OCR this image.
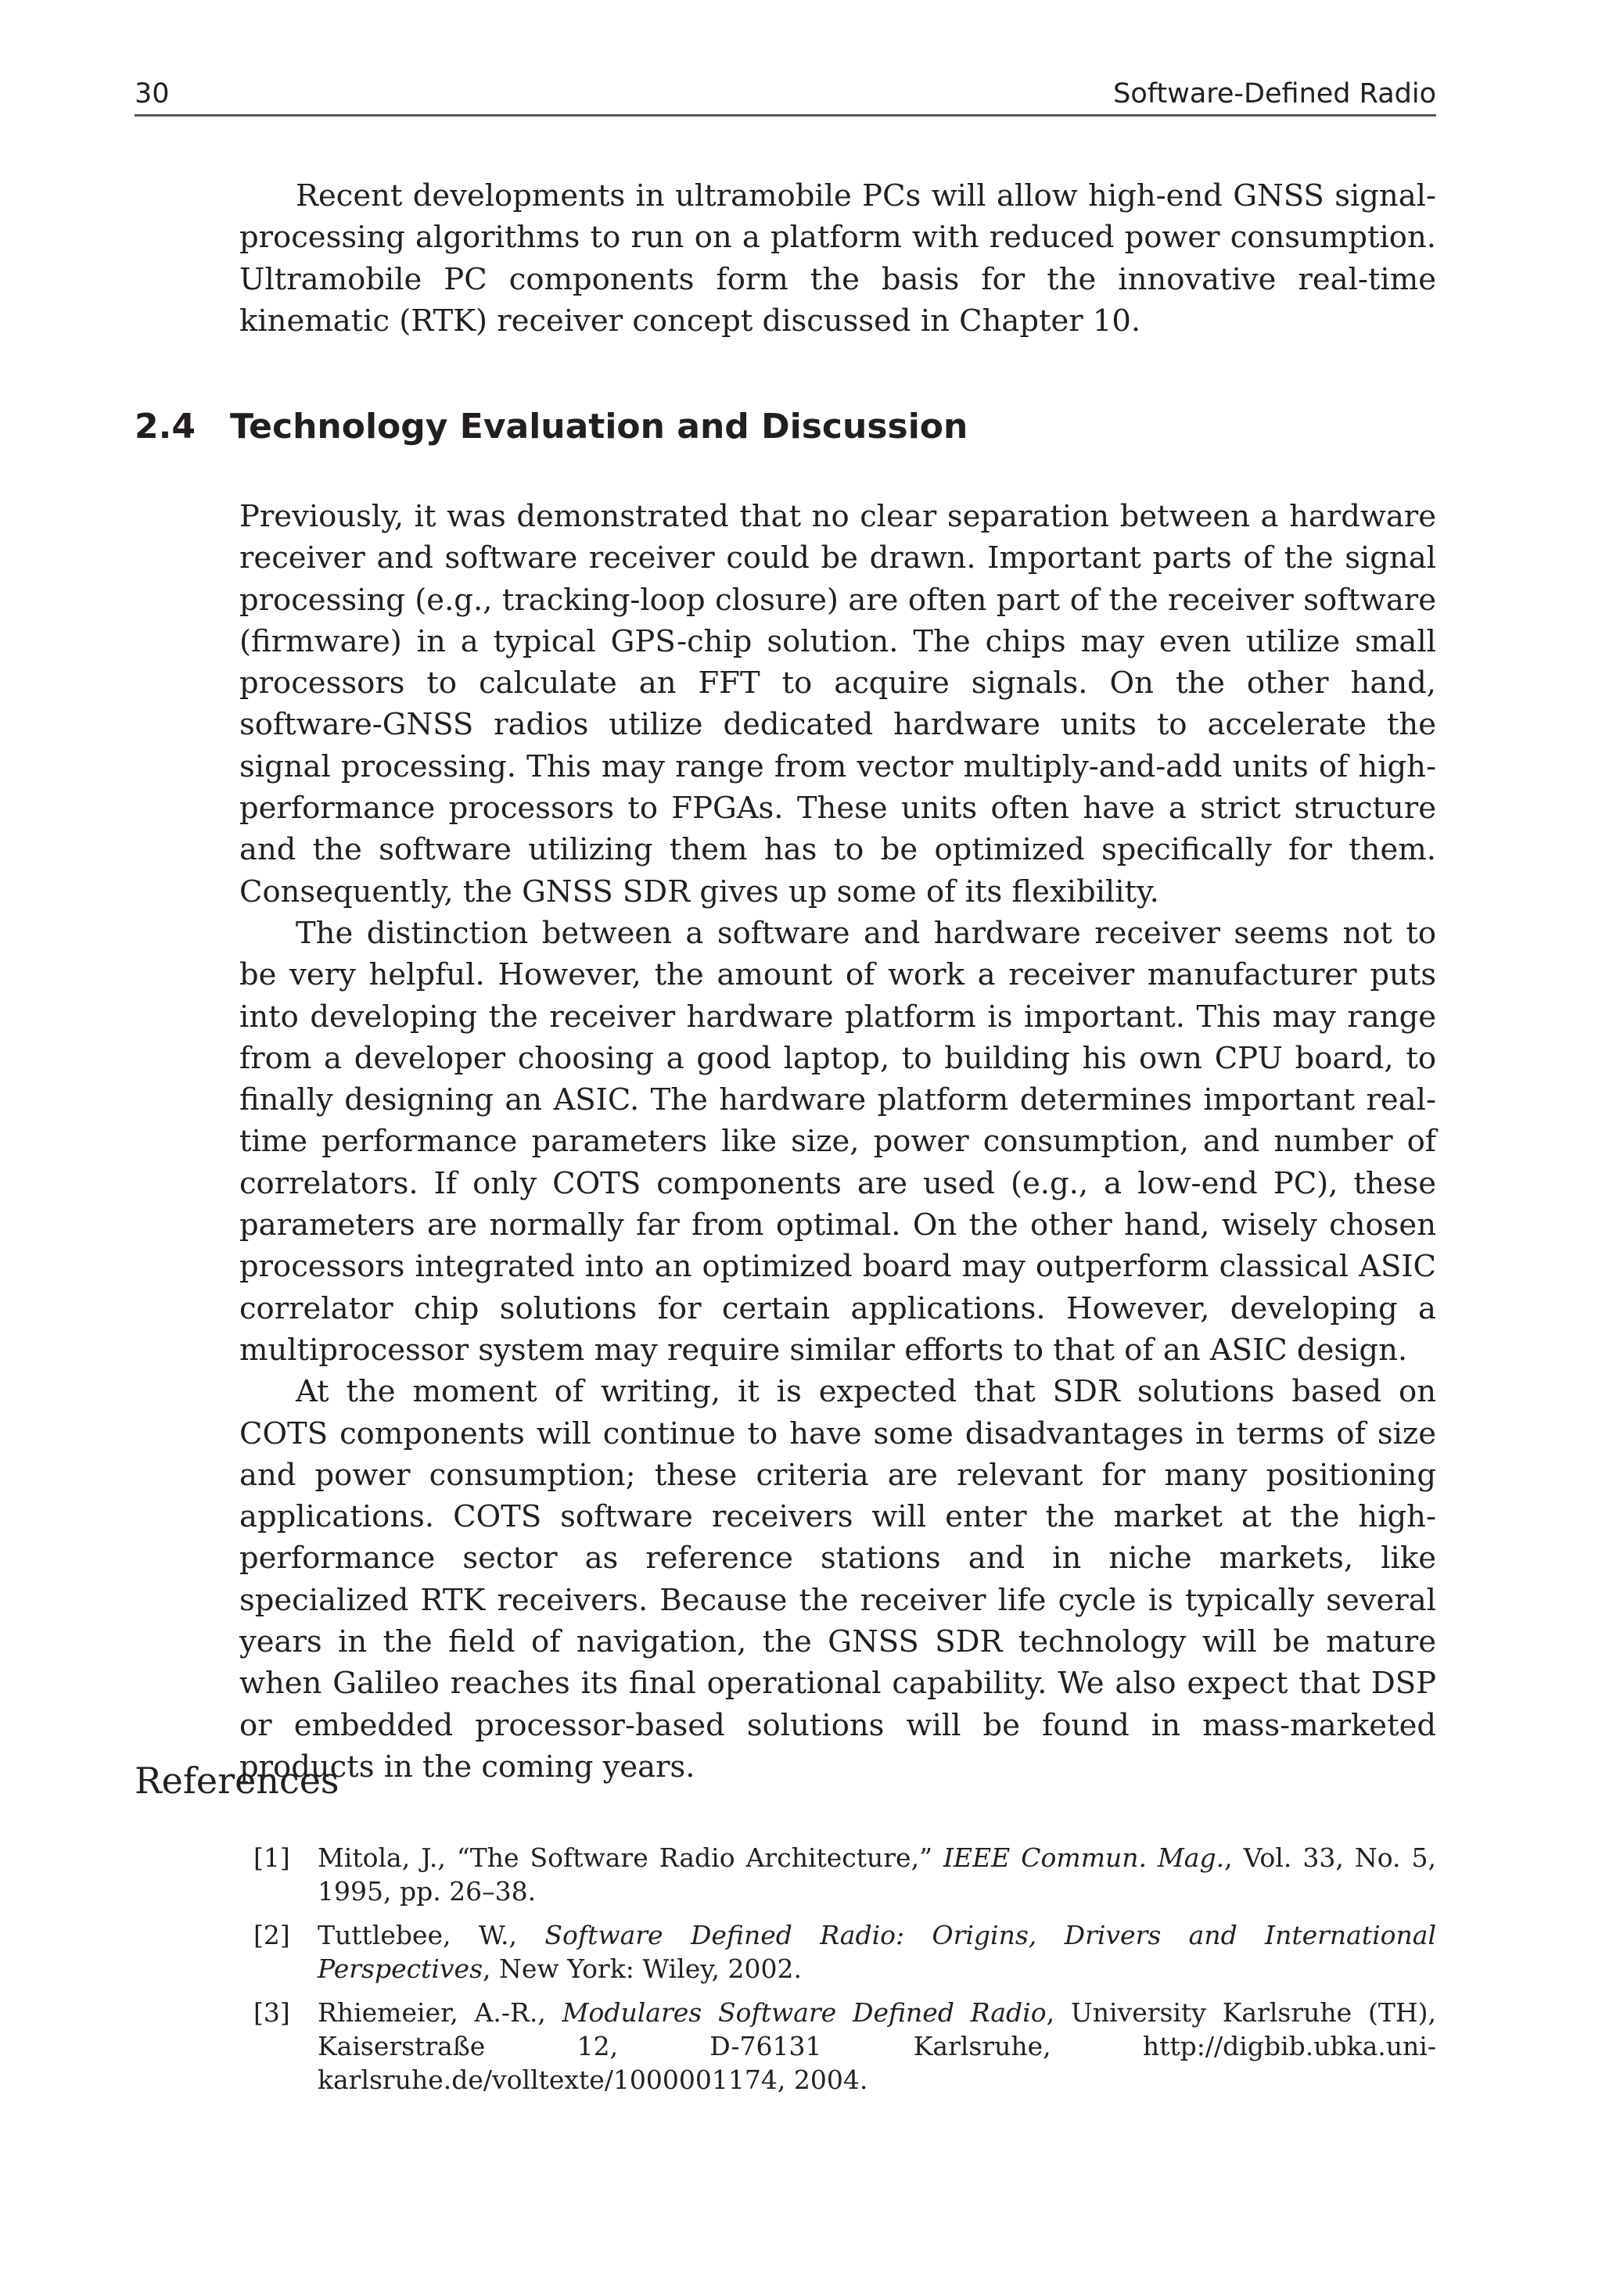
30	Software-Defined Radio

Recent developments in ultramobile PCs will allow high-end GNSS signal-processing algorithms to run on a platform with reduced power consumption. Ultramobile PC components form the basis for the innovative real-time kinematic (RTK) receiver concept discussed in Chapter 10.

2.4 Technology Evaluation and Discussion

Previously, it was demonstrated that no clear separation between a hardware receiver and software receiver could be drawn. Important parts of the signal processing (e.g., tracking-loop closure) are often part of the receiver software (firmware) in a typical GPS-chip solution. The chips may even utilize small processors to calculate an FFT to acquire signals. On the other hand, software-GNSS radios utilize dedicated hardware units to accelerate the signal processing. This may range from vector multiply-and-add units of high-performance processors to FPGAs. These units often have a strict structure and the software utilizing them has to be optimized specifically for them. Consequently, the GNSS SDR gives up some of its flexibility.

The distinction between a software and hardware receiver seems not to be very helpful. However, the amount of work a receiver manufacturer puts into developing the receiver hardware platform is important. This may range from a developer choosing a good laptop, to building his own CPU board, to finally designing an ASIC. The hardware platform determines important real-time performance parameters like size, power consumption, and number of correlators. If only COTS components are used (e.g., a low-end PC), these parameters are normally far from optimal. On the other hand, wisely chosen processors integrated into an optimized board may outperform classical ASIC correlator chip solutions for certain applications. However, developing a multiprocessor system may require similar efforts to that of an ASIC design.

At the moment of writing, it is expected that SDR solutions based on COTS components will continue to have some disadvantages in terms of size and power consumption; these criteria are relevant for many positioning applications. COTS software receivers will enter the market at the high-performance sector as reference stations and in niche markets, like specialized RTK receivers. Because the receiver life cycle is typically several years in the field of navigation, the GNSS SDR technology will be mature when Galileo reaches its final operational capability. We also expect that DSP or embedded processor-based solutions will be found in mass-marketed products in the coming years.

References
[1] Mitola, J., “The Software Radio Architecture,” IEEE Commun. Mag., Vol. 33, No. 5, 1995, pp. 26–38.
[2] Tuttlebee, W., Software Defined Radio: Origins, Drivers and International Perspectives, New York: Wiley, 2002.
[3] Rhiemeier, A.-R., Modulares Software Defined Radio, University Karlsruhe (TH), Kaiserstraße 12, D-76131 Karlsruhe, http://digbib.ubka.uni-karlsruhe.de/volltexte/1000001174, 2004.
